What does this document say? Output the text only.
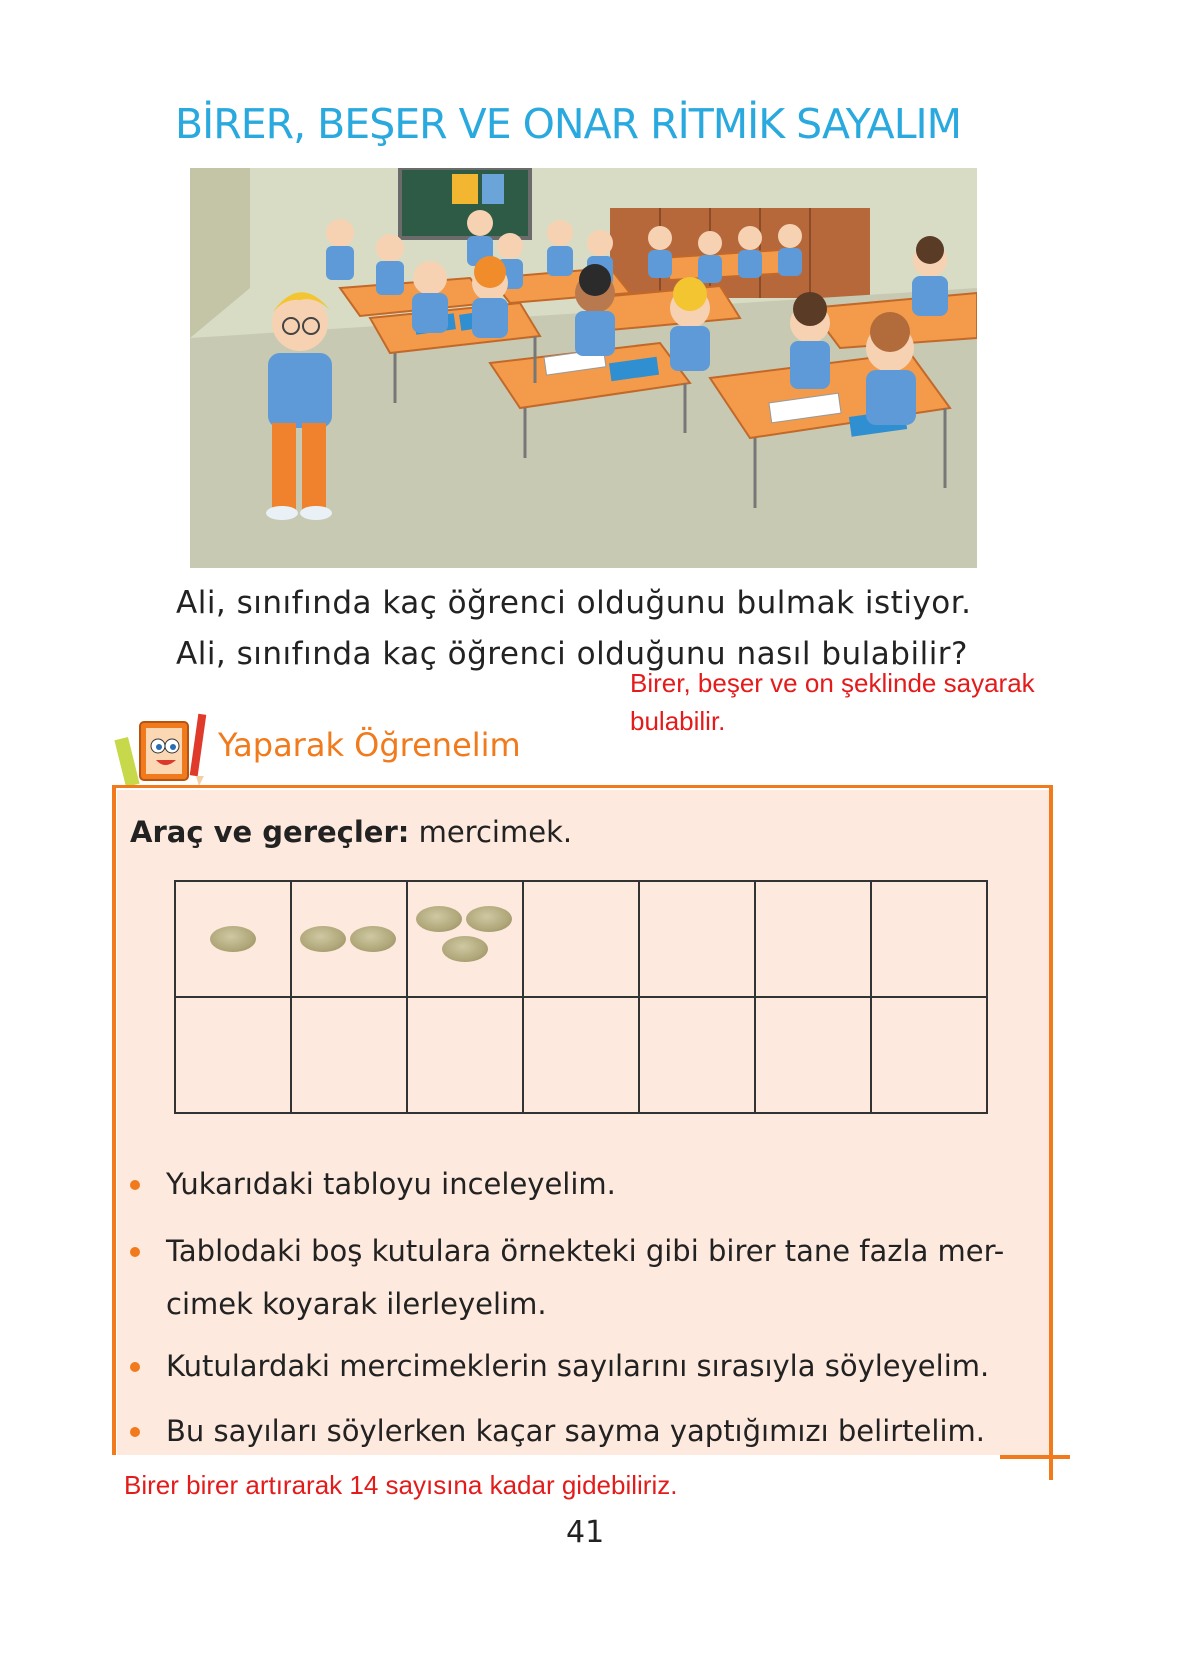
BİRER, BEŞER VE ONAR RİTMİK SAYALIM
Ali, sınıfında kaç öğrenci olduğunu bulmak istiyor.
Ali, sınıfında kaç öğrenci olduğunu nasıl bulabilir?
Birer, beşer ve on şeklinde sayarak
bulabilir.
Yaparak Öğrenelim
Araç ve gereçler: mercimek.

Yukarıdaki tabloyu inceleyelim.
Tablodaki boş kutulara örnekteki gibi birer tane fazla mer-
cimek koyarak ilerleyelim.
Kutulardaki mercimeklerin sayılarını sırasıyla söyleyelim.
Bu sayıları söylerken kaçar sayma yaptığımızı belirtelim.
Birer birer artırarak 14 sayısına kadar gidebiliriz.
41
